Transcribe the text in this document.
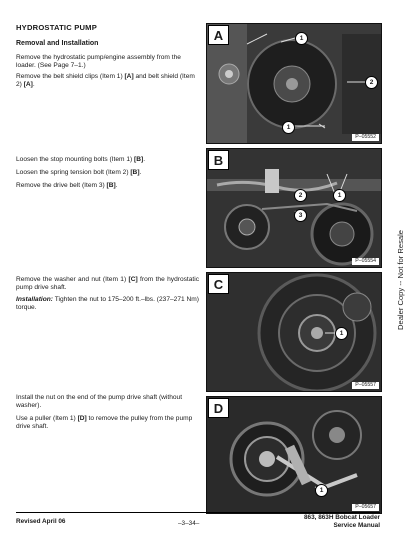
HYDROSTATIC PUMP
Removal and Installation
Remove the hydrostatic pump/engine assembly from the loader. (See Page 7–1.)
Remove the belt shield clips (Item 1) [A] and belt shield (Item 2) [A].
Loosen the stop mounting bolts (Item 1) [B].
Loosen the spring tension bolt (Item 2) [B].
Remove the drive belt (Item 3) [B].
Remove the washer and nut (Item 1) [C] from the hydrostatic pump drive shaft.
Installation: Tighten the nut to 175–200 ft.–lbs. (237–271 Nm) torque.
Install the nut on the end of the pump drive shaft (without washer).
Use a puller (Item 1) [D] to remove the pulley from the pump drive shaft.
A	1
2
1
P–05552
B
2	1
3
P–05554
C
1
P–05557
D
1
P–05657
Dealer Copy -- Not for Resale
Revised April 06	–3–34–
863, 863H Bobcat Loader
Service Manual
